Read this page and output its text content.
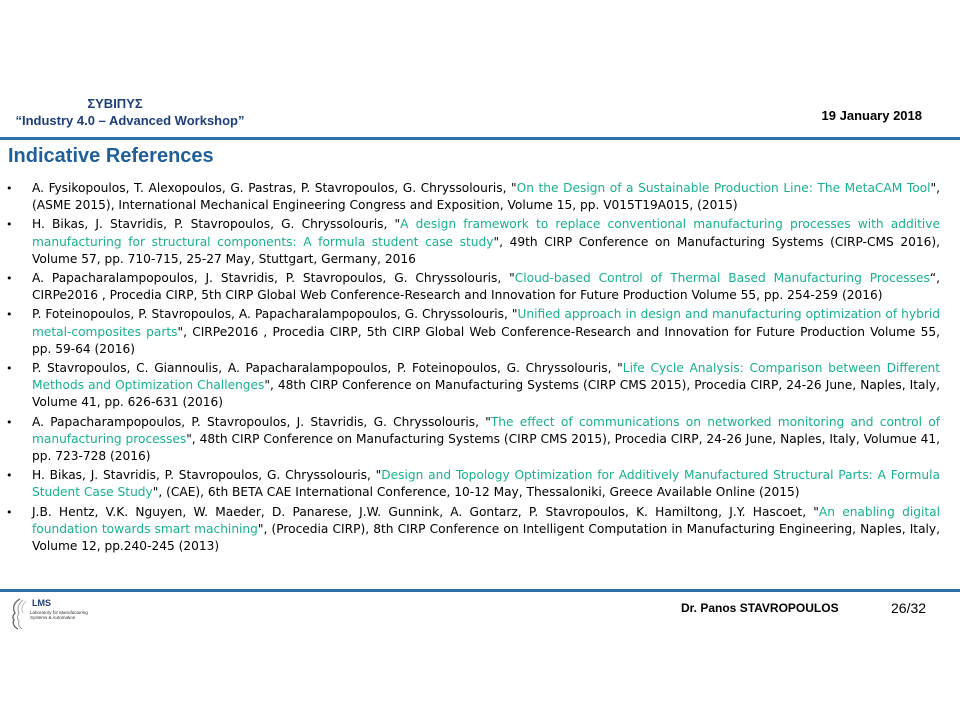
ΣΥΒΙΠΥΣ
“Industry 4.0 – Advanced Workshop”	19 January 2018
Indicative References
• A. Fysikopoulos, T. Alexopoulos, G. Pastras, P. Stavropoulos, G. Chryssolouris, "On the Design of a Sustainable Production Line: The MetaCAM Tool", (ASME 2015), International Mechanical Engineering Congress and Exposition, Volume 15, pp. V015T19A015, (2015)
• H. Bikas, J. Stavridis, P. Stavropoulos, G. Chryssolouris, "A design framework to replace conventional manufacturing processes with additive manufacturing for structural components: A formula student case study", 49th CIRP Conference on Manufacturing Systems (CIRP-CMS 2016), Volume 57, pp. 710-715, 25-27 May, Stuttgart, Germany, 2016
• A. Papacharalampopoulos, J. Stavridis, P. Stavropoulos, G. Chryssolouris, "Cloud-based Control of Thermal Based Manufacturing Processes“, CIRPe2016 , Procedia CIRP, 5th CIRP Global Web Conference-Research and Innovation for Future Production Volume 55, pp. 254-259 (2016)
• P. Foteinopoulos, P. Stavropoulos, A. Papacharalampopoulos, G. Chryssolouris, "Unified approach in design and manufacturing optimization of hybrid metal-composites parts", CIRPe2016 , Procedia CIRP, 5th CIRP Global Web Conference-Research and Innovation for Future Production Volume 55, pp. 59-64 (2016)
• P. Stavropoulos, C. Giannoulis, A. Papacharalampopoulos, P. Foteinopoulos, G. Chryssolouris, "Life Cycle Analysis: Comparison between Different Methods and Optimization Challenges", 48th CIRP Conference on Manufacturing Systems (CIRP CMS 2015), Procedia CIRP, 24-26 June, Naples, Italy, Volume 41, pp. 626-631 (2016)
• A. Papacharampopoulos, P. Stavropoulos, J. Stavridis, G. Chryssolouris, "The effect of communications on networked monitoring and control of manufacturing processes", 48th CIRP Conference on Manufacturing Systems (CIRP CMS 2015), Procedia CIRP, 24-26 June, Naples, Italy, Volumue 41, pp. 723-728 (2016)
• H. Bikas, J. Stavridis, P. Stavropoulos, G. Chryssolouris, "Design and Topology Optimization for Additively Manufactured Structural Parts: A Formula Student Case Study", (CAE), 6th BETA CAE International Conference, 10-12 May, Thessaloniki, Greece Available Online (2015)
• J.B. Hentz, V.K. Nguyen, W. Maeder, D. Panarese, J.W. Gunnink, A. Gontarz, P. Stavropoulos, K. Hamiltong, J.Y. Hascoet, "An enabling digital foundation towards smart machining", (Procedia CIRP), 8th CIRP Conference on Intelligent Computation in Manufacturing Engineering, Naples, Italy, Volume 12, pp.240-245 (2013)
LMS
Laboratory for Manufacturing Systems & Automation
Dr. Panos STAVROPOULOS	26/32
